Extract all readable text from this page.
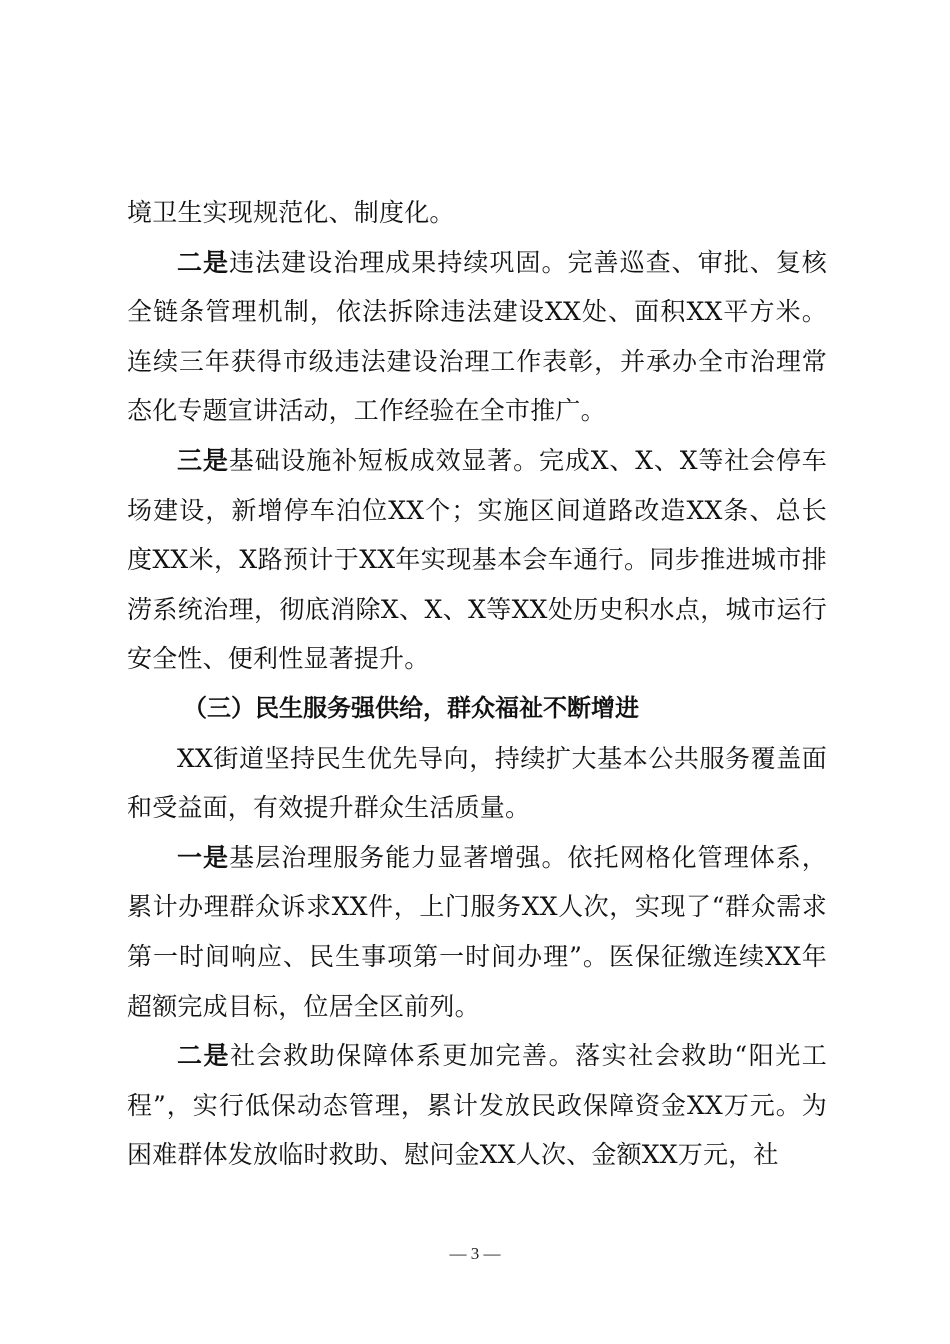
境卫生实现规范化、制度化。

二是违法建设治理成果持续巩固。完善巡查、审批、复核全链条管理机制，依法拆除违法建设XX处、面积XX平方米。连续三年获得市级违法建设治理工作表彰，并承办全市治理常态化专题宣讲活动，工作经验在全市推广。

三是基础设施补短板成效显著。完成X、X、X等社会停车场建设，新增停车泊位XX个；实施区间道路改造XX条、总长度XX米，X路预计于XX年实现基本会车通行。同步推进城市排涝系统治理，彻底消除X、X、X等XX处历史积水点，城市运行安全性、便利性显著提升。

（三）民生服务强供给，群众福祉不断增进

XX街道坚持民生优先导向，持续扩大基本公共服务覆盖面和受益面，有效提升群众生活质量。

一是基层治理服务能力显著增强。依托网格化管理体系，累计办理群众诉求XX件，上门服务XX人次，实现了“群众需求第一时间响应、民生事项第一时间办理”。医保征缴连续XX年超额完成目标，位居全区前列。

二是社会救助保障体系更加完善。落实社会救助“阳光工程”，实行低保动态管理，累计发放民政保障资金XX万元。为困难群体发放临时救助、慰问金XX人次、金额XX万元，社

— 3 —
